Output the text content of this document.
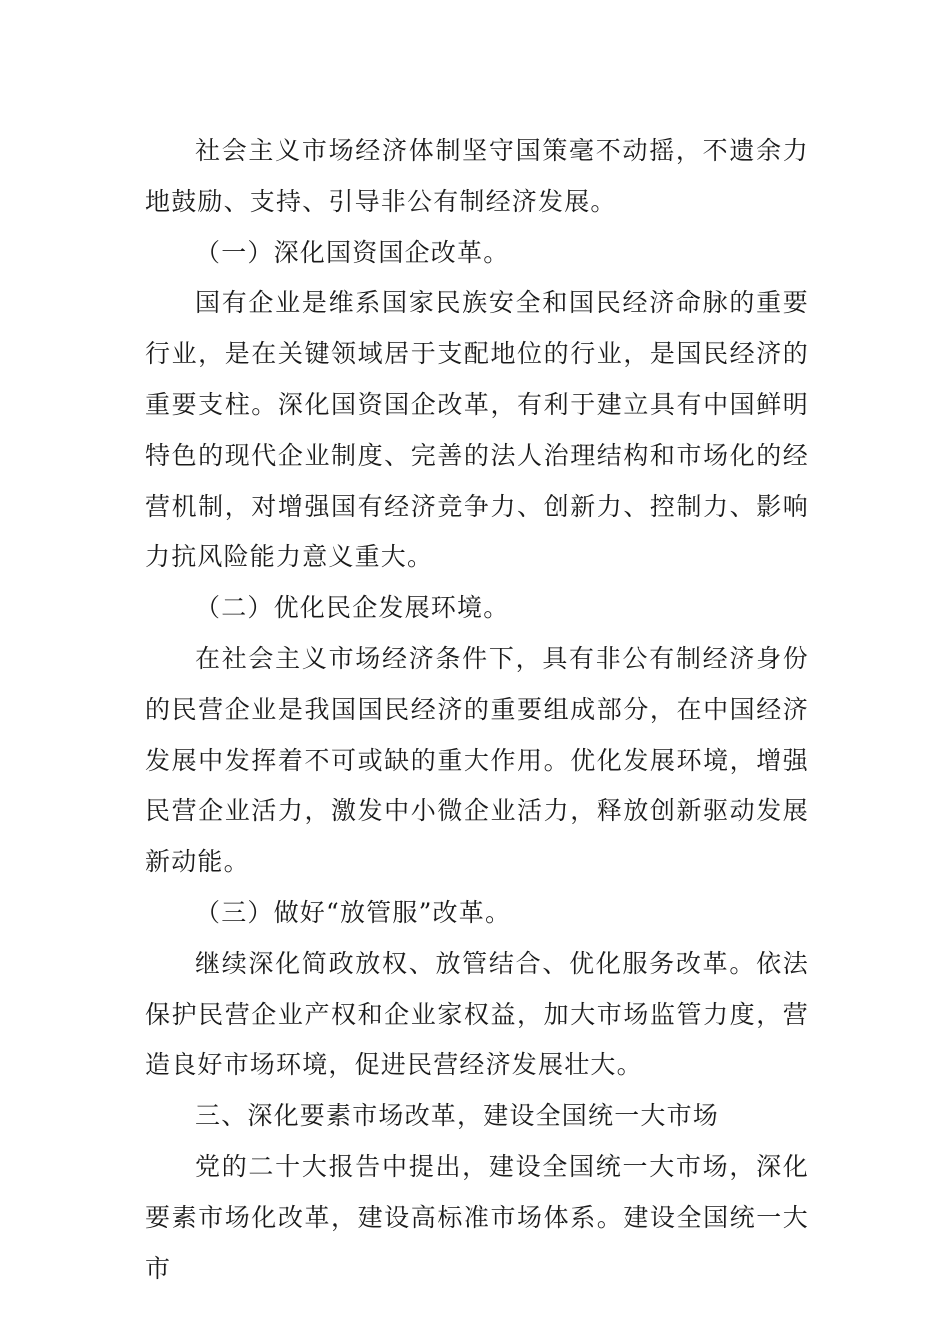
社会主义市场经济体制坚守国策毫不动摇，不遗余力地鼓励、支持、引导非公有制经济发展。

（一）深化国资国企改革。

国有企业是维系国家民族安全和国民经济命脉的重要行业，是在关键领域居于支配地位的行业，是国民经济的重要支柱。深化国资国企改革，有利于建立具有中国鲜明特色的现代企业制度、完善的法人治理结构和市场化的经营机制，对增强国有经济竞争力、创新力、控制力、影响力抗风险能力意义重大。

（二）优化民企发展环境。

在社会主义市场经济条件下，具有非公有制经济身份的民营企业是我国国民经济的重要组成部分，在中国经济发展中发挥着不可或缺的重大作用。优化发展环境，增强民营企业活力，激发中小微企业活力，释放创新驱动发展新动能。

（三）做好“放管服”改革。

继续深化简政放权、放管结合、优化服务改革。依法保护民营企业产权和企业家权益，加大市场监管力度，营造良好市场环境，促进民营经济发展壮大。

三、深化要素市场改革，建设全国统一大市场

党的二十大报告中提出，建设全国统一大市场，深化要素市场化改革，建设高标准市场体系。建设全国统一大市
